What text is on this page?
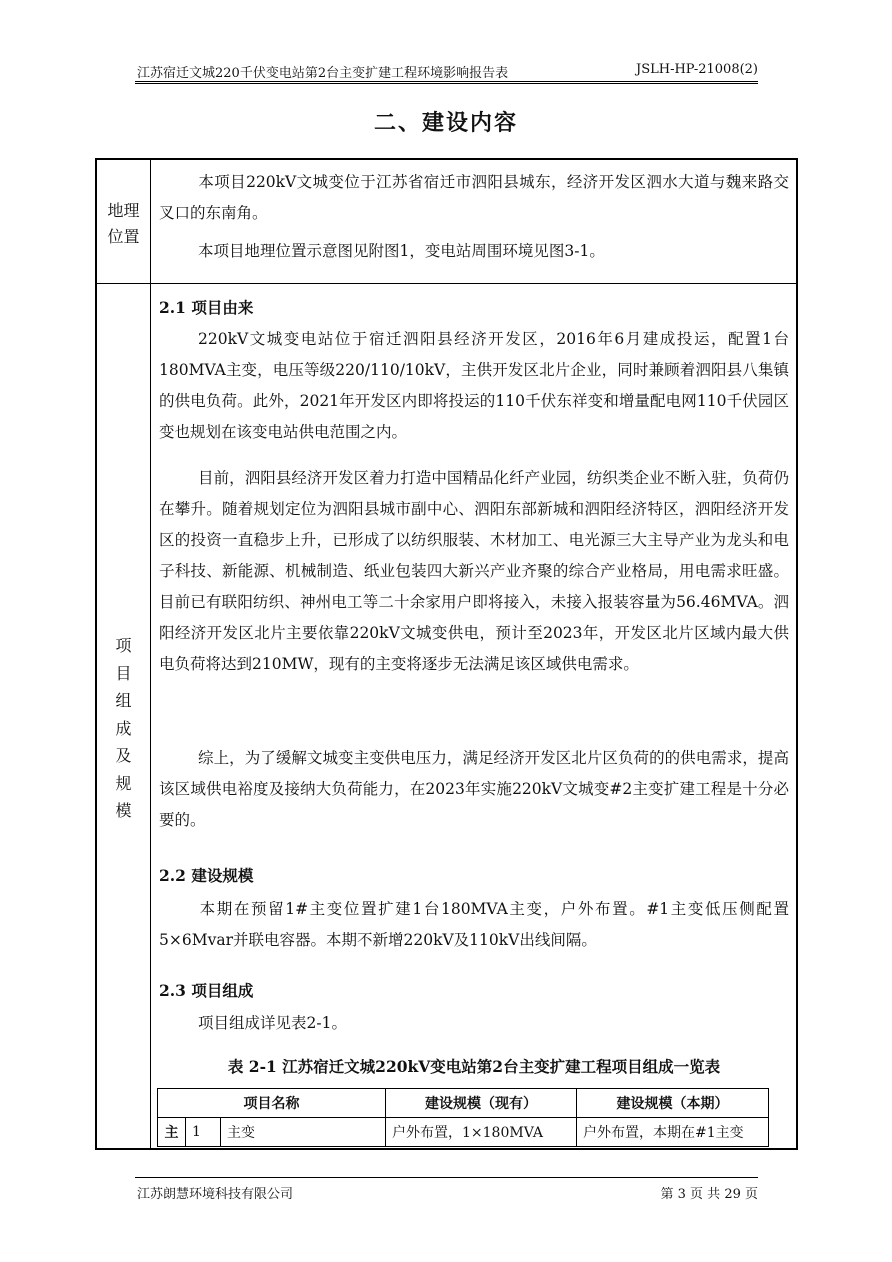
江苏宿迁文城220千伏变电站第2台主变扩建工程环境影响报告表	JSLH-HP-21008(2)
二、建设内容
地理
位置
本项目220kV文城变位于江苏省宿迁市泗阳县城东，经济开发区泗水大道与魏来路交叉口的东南角。
本项目地理位置示意图见附图1，变电站周围环境见图3-1。
项
目
组
成
及
规
模
2.1 项目由来
220kV文城变电站位于宿迁泗阳县经济开发区，2016年6月建成投运，配置1台180MVA主变，电压等级220/110/10kV，主供开发区北片企业，同时兼顾着泗阳县八集镇的供电负荷。此外，2021年开发区内即将投运的110千伏东祥变和增量配电网110千伏园区变也规划在该变电站供电范围之内。
目前，泗阳县经济开发区着力打造中国精品化纤产业园，纺织类企业不断入驻，负荷仍在攀升。随着规划定位为泗阳县城市副中心、泗阳东部新城和泗阳经济特区，泗阳经济开发区的投资一直稳步上升，已形成了以纺织服装、木材加工、电光源三大主导产业为龙头和电子科技、新能源、机械制造、纸业包装四大新兴产业齐聚的综合产业格局，用电需求旺盛。目前已有联阳纺织、神州电工等二十余家用户即将接入，未接入报装容量为56.46MVA。泗阳经济开发区北片主要依靠220kV文城变供电，预计至2023年，开发区北片区域内最大供电负荷将达到210MW，现有的主变将逐步无法满足该区域供电需求。
综上，为了缓解文城变主变供电压力，满足经济开发区北片区负荷的的供电需求，提高该区域供电裕度及接纳大负荷能力，在2023年实施220kV文城变#2主变扩建工程是十分必要的。
2.2 建设规模
本期在预留1#主变位置扩建1台180MVA主变，户外布置。#1主变低压侧配置5×6Mvar并联电容器。本期不新增220kV及110kV出线间隔。
2.3 项目组成
项目组成详见表2-1。
表 2-1 江苏宿迁文城220kV变电站第2台主变扩建工程项目组成一览表
项目名称			建设规模（现有）	建设规模（本期）
主	1	主变	户外布置，1×180MVA	户外布置，本期在#1主变
江苏朗慧环境科技有限公司	第 3 页 共 29 页
